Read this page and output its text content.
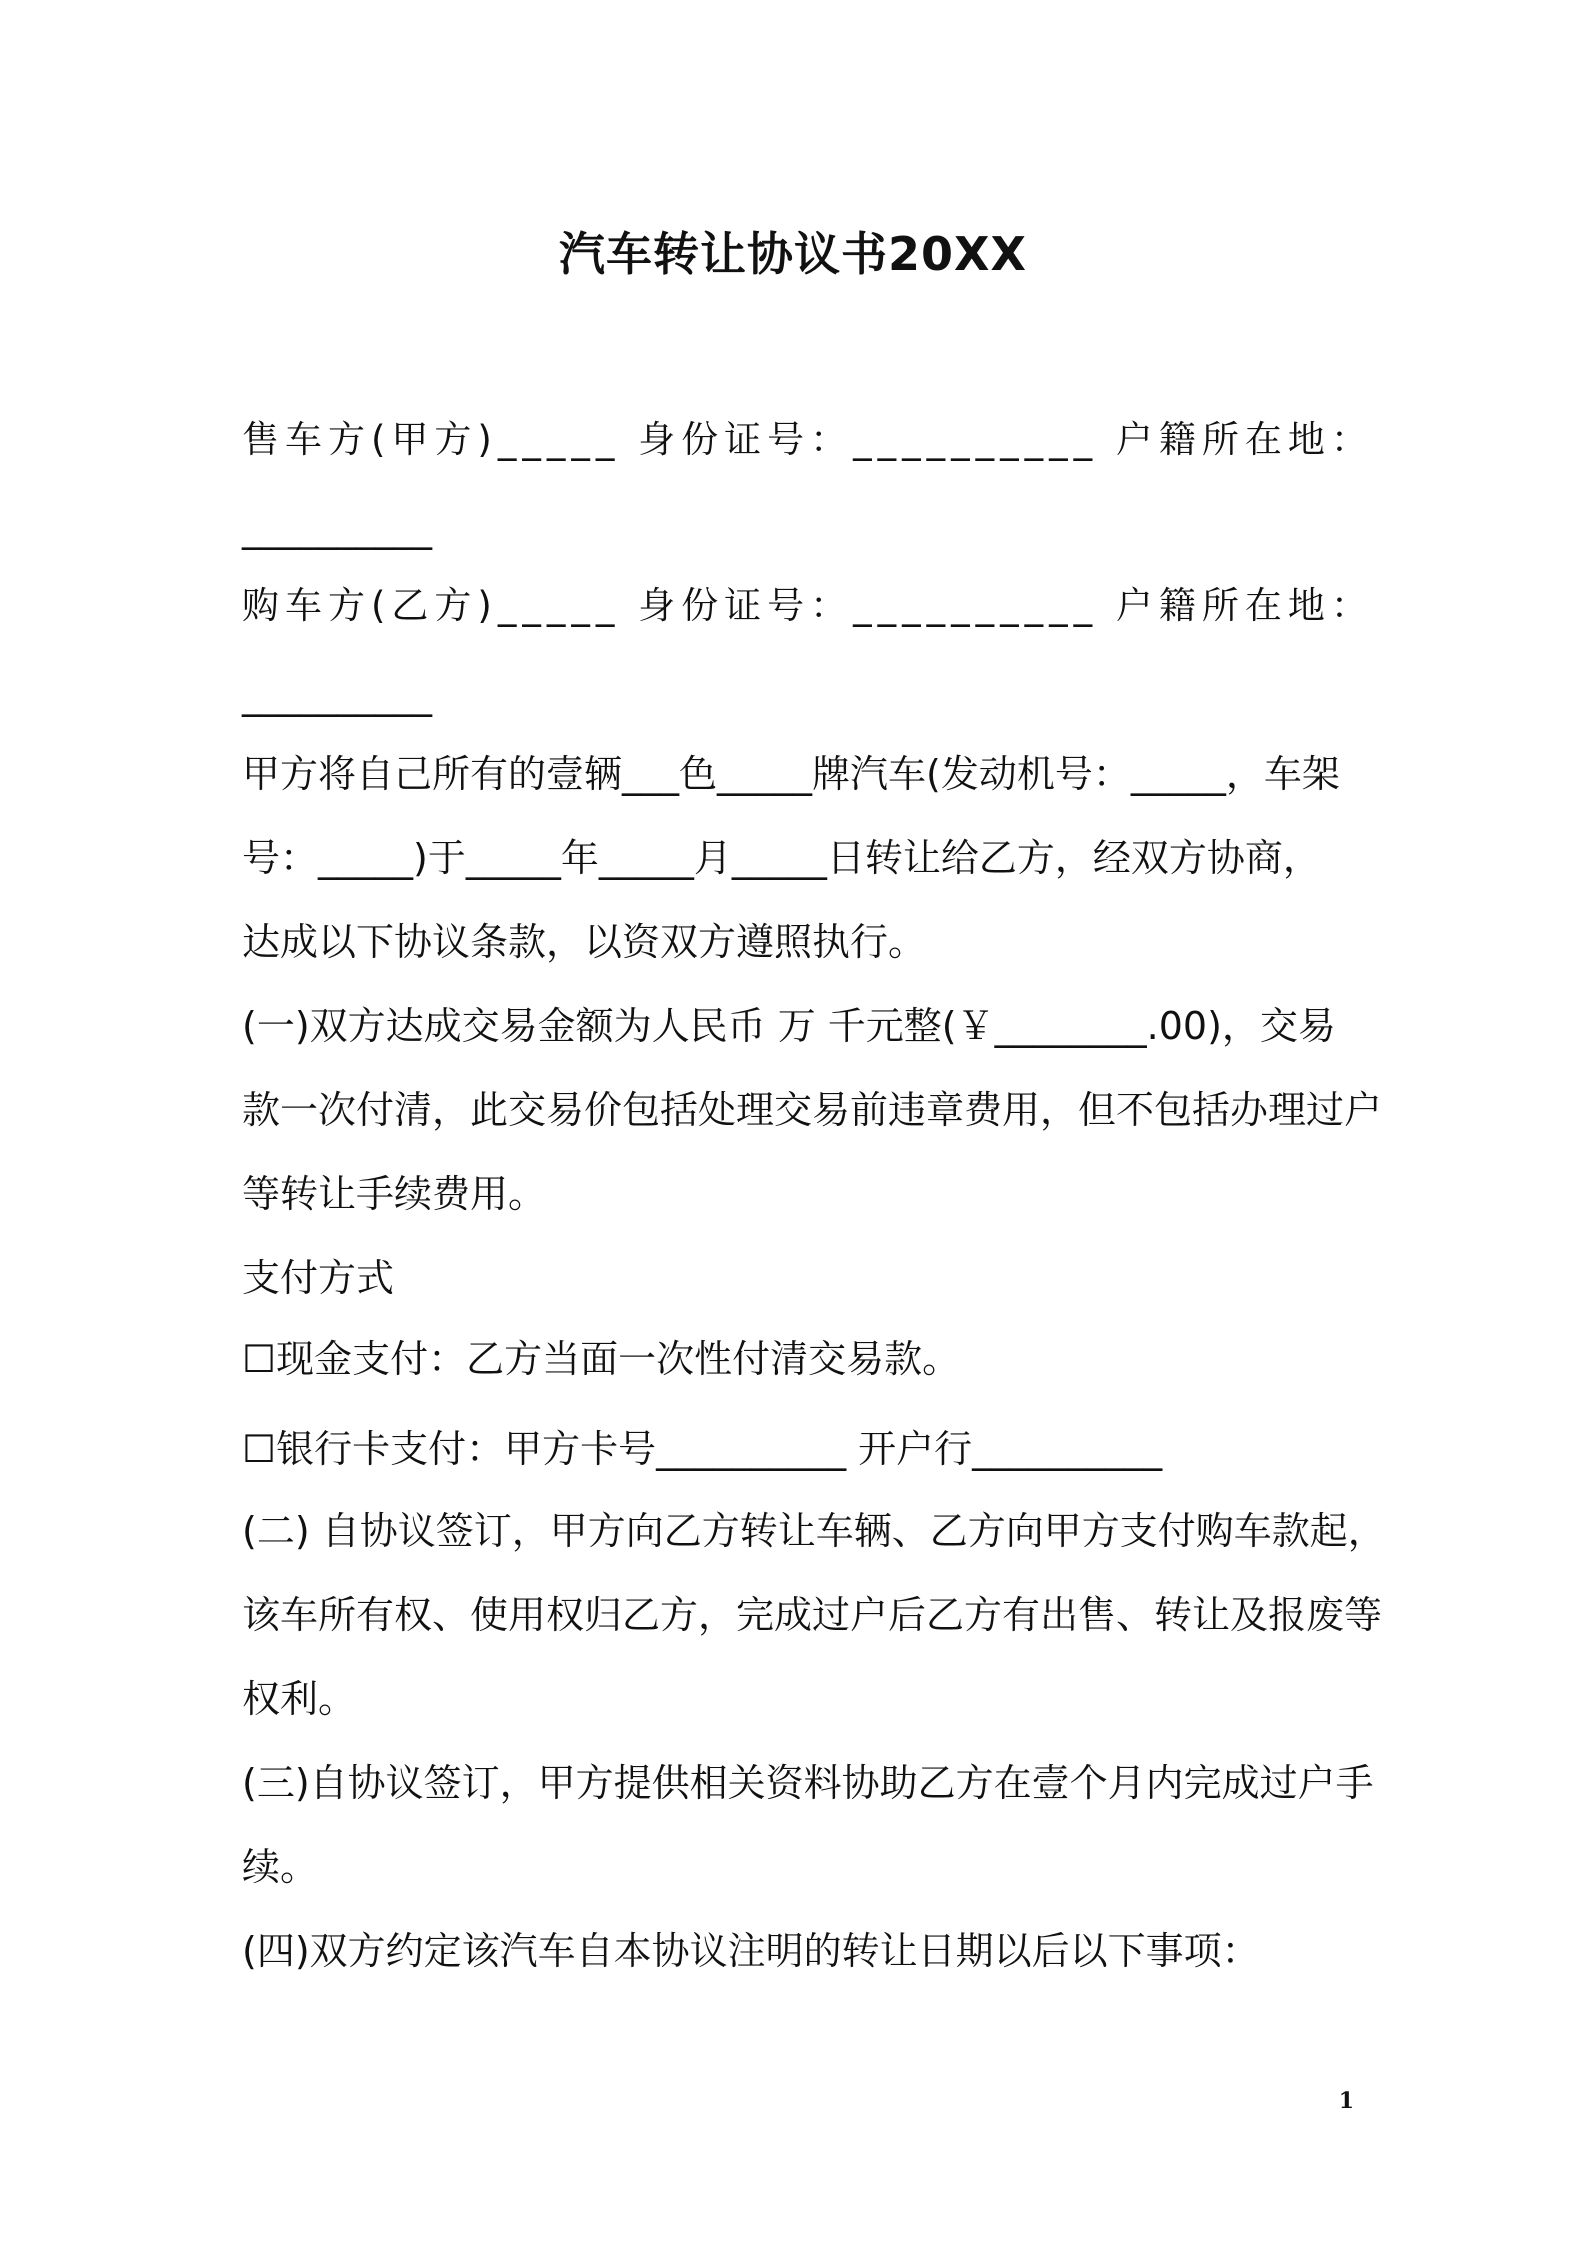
汽车转让协议书20XX
售车方(甲方)_____ 身份证号：__________ 户籍所在地：
__________
购车方(乙方)_____ 身份证号：__________ 户籍所在地：
__________
甲方将自己所有的壹辆___色_____牌汽车(发动机号：_____，车架
号：_____)于_____年_____月_____日转让给乙方，经双方协商，
达成以下协议条款，以资双方遵照执行。
(一)双方达成交易金额为人民币 万 千元整(￥________.00)，交易
款一次付清，此交易价包括处理交易前违章费用，但不包括办理过户
等转让手续费用。
支付方式
☐现金支付：乙方当面一次性付清交易款。
☐银行卡支付：甲方卡号__________ 开户行__________
(二) 自协议签订，甲方向乙方转让车辆、乙方向甲方支付购车款起，
该车所有权、使用权归乙方，完成过户后乙方有出售、转让及报废等
权利。
(三)自协议签订，甲方提供相关资料协助乙方在壹个月内完成过户手
续。
(四)双方约定该汽车自本协议注明的转让日期以后以下事项：
1
